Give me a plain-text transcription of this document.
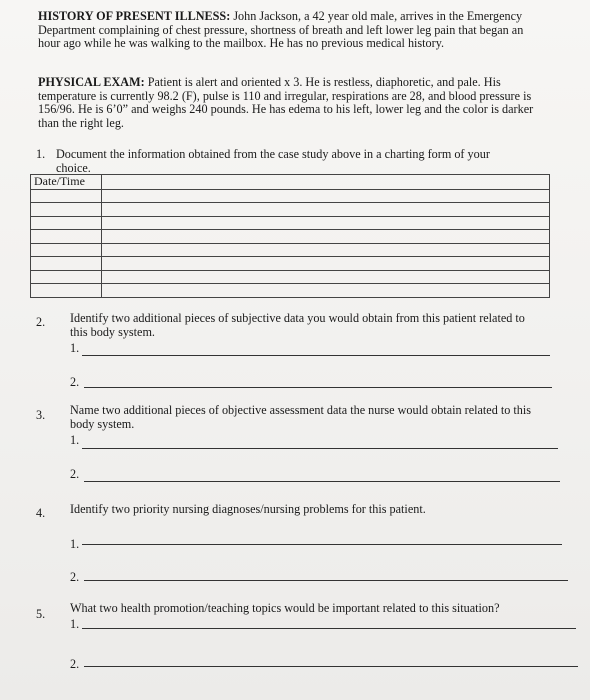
HISTORY OF PRESENT ILLNESS: John Jackson, a 42 year old male, arrives in the Emergency Department complaining of chest pressure, shortness of breath and left lower leg pain that began an hour ago while he was walking to the mailbox. He has no previous medical history.
PHYSICAL EXAM: Patient is alert and oriented x 3. He is restless, diaphoretic, and pale. His temperature is currently 98.2 (F), pulse is 110 and irregular, respirations are 28, and blood pressure is 156/96. He is 6’0” and weighs 240 pounds. He has edema to his left, lower leg and the color is darker than the right leg.
1. Document the information obtained from the case study above in a charting form of your choice.
Date/Time	

2. Identify two additional pieces of subjective data you would obtain from this patient related to this body system.
1.
2.
3. Name two additional pieces of objective assessment data the nurse would obtain related to this body system.
1.
2.
4. Identify two priority nursing diagnoses/nursing problems for this patient.
1.
2.
5. What two health promotion/teaching topics would be important related to this situation?
1.
2.
